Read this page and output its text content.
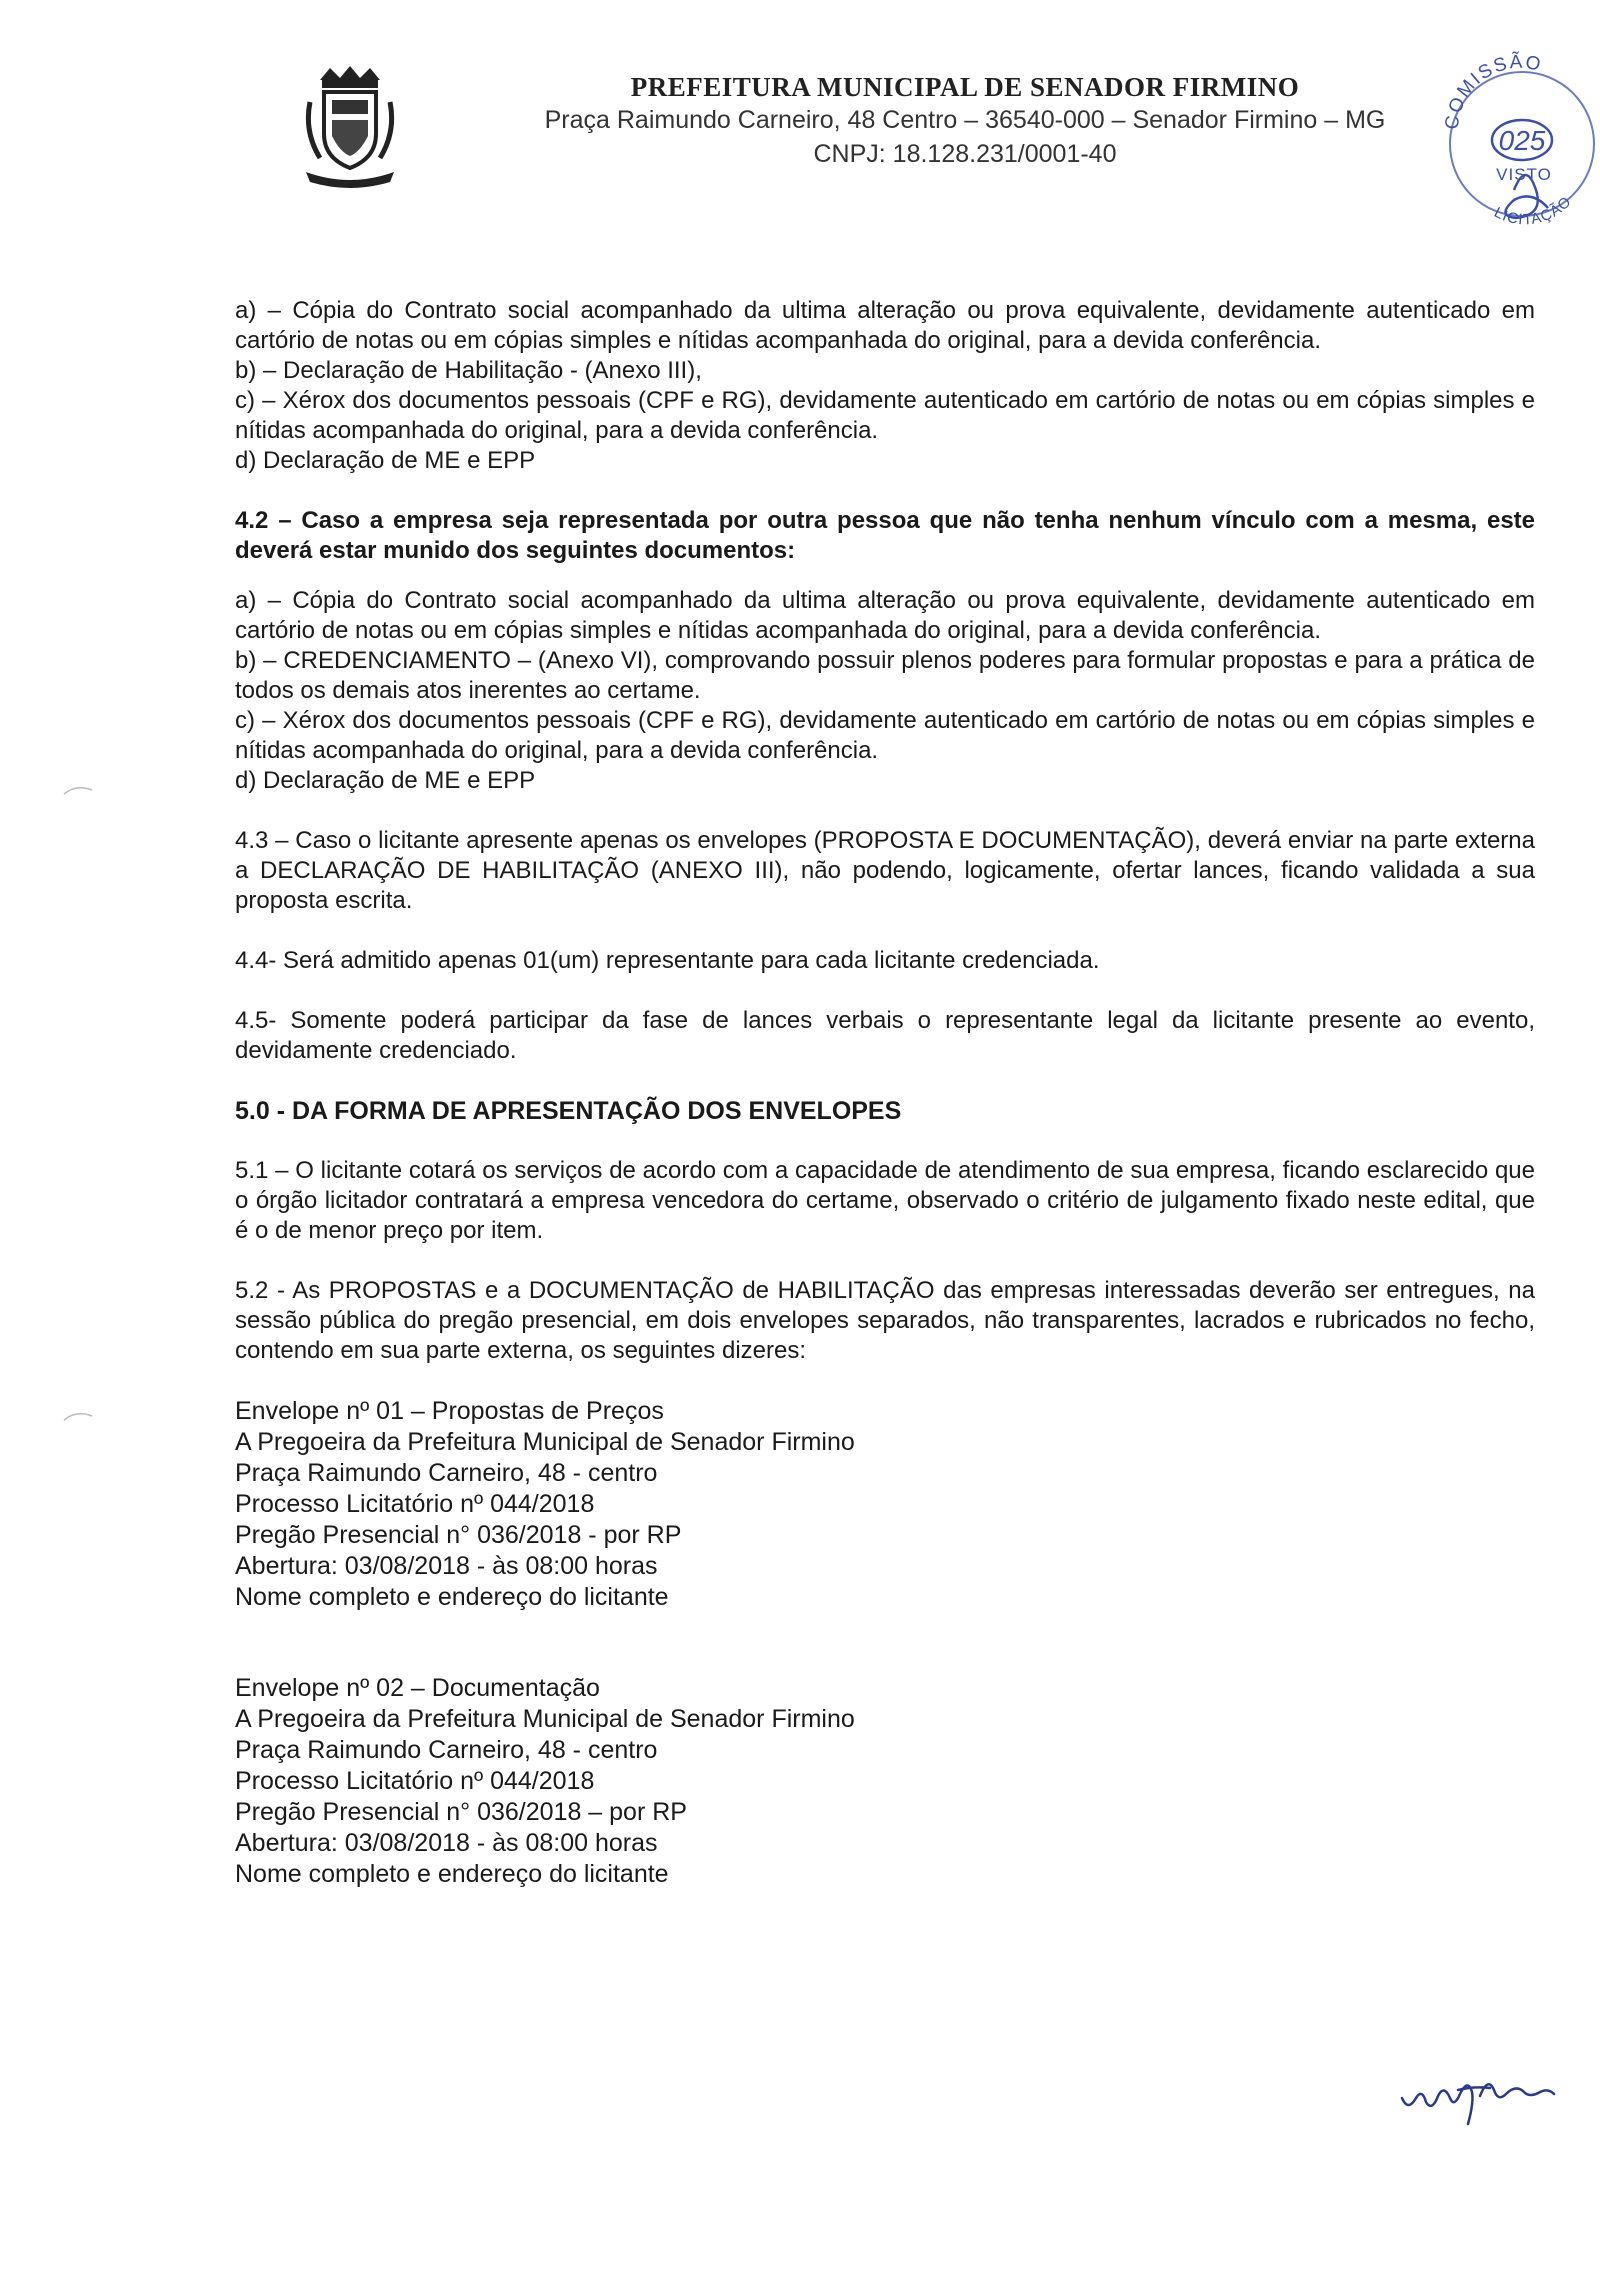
PREFEITURA MUNICIPAL DE SENADOR FIRMINO
Praça Raimundo Carneiro, 48 Centro – 36540-000 – Senador Firmino – MG
CNPJ: 18.128.231/0001-40
COMISSÃO
025
VISTO
LICITAÇÃO

a) – Cópia do Contrato social acompanhado da ultima alteração ou prova equivalente, devidamente autenticado em cartório de notas ou em cópias simples e nítidas acompanhada do original, para a devida conferência.

b) – Declaração de Habilitação - (Anexo III),

c) – Xérox dos documentos pessoais (CPF e RG), devidamente autenticado em cartório de notas ou em cópias simples e nítidas acompanhada do original, para a devida conferência.

d) Declaração de ME e EPP

4.2 – Caso a empresa seja representada por outra pessoa que não tenha nenhum vínculo com a mesma, este deverá estar munido dos seguintes documentos:

a) – Cópia do Contrato social acompanhado da ultima alteração ou prova equivalente, devidamente autenticado em cartório de notas ou em cópias simples e nítidas acompanhada do original, para a devida conferência.

b) – CREDENCIAMENTO – (Anexo VI), comprovando possuir plenos poderes para formular propostas e para a prática de todos os demais atos inerentes ao certame.

c) – Xérox dos documentos pessoais (CPF e RG), devidamente autenticado em cartório de notas ou em cópias simples e nítidas acompanhada do original, para a devida conferência.

d) Declaração de ME e EPP

4.3 – Caso o licitante apresente apenas os envelopes (PROPOSTA E DOCUMENTAÇÃO), deverá enviar na parte externa a DECLARAÇÃO DE HABILITAÇÃO (ANEXO III), não podendo, logicamente, ofertar lances, ficando validada a sua proposta escrita.

4.4- Será admitido apenas 01(um) representante para cada licitante credenciada.

4.5- Somente poderá participar da fase de lances verbais o representante legal da licitante presente ao evento, devidamente credenciado.

5.0 - DA FORMA DE APRESENTAÇÃO DOS ENVELOPES

5.1 – O licitante cotará os serviços de acordo com a capacidade de atendimento de sua empresa, ficando esclarecido que o órgão licitador contratará a empresa vencedora do certame, observado o critério de julgamento fixado neste edital, que é o de menor preço por item.

5.2 - As PROPOSTAS e a DOCUMENTAÇÃO de HABILITAÇÃO das empresas interessadas deverão ser entregues, na sessão pública do pregão presencial, em dois envelopes separados, não transparentes, lacrados e rubricados no fecho, contendo em sua parte externa, os seguintes dizeres:

Envelope nº 01 – Propostas de Preços

A Pregoeira da Prefeitura Municipal de Senador Firmino

Praça Raimundo Carneiro, 48 - centro

Processo Licitatório nº 044/2018

Pregão Presencial n° 036/2018 - por RP

Abertura: 03/08/2018 - às 08:00 horas

Nome completo e endereço do licitante

Envelope nº 02 – Documentação

A Pregoeira da Prefeitura Municipal de Senador Firmino

Praça Raimundo Carneiro, 48 - centro

Processo Licitatório nº 044/2018

Pregão Presencial n° 036/2018 – por RP

Abertura: 03/08/2018 - às 08:00 horas

Nome completo e endereço do licitante
